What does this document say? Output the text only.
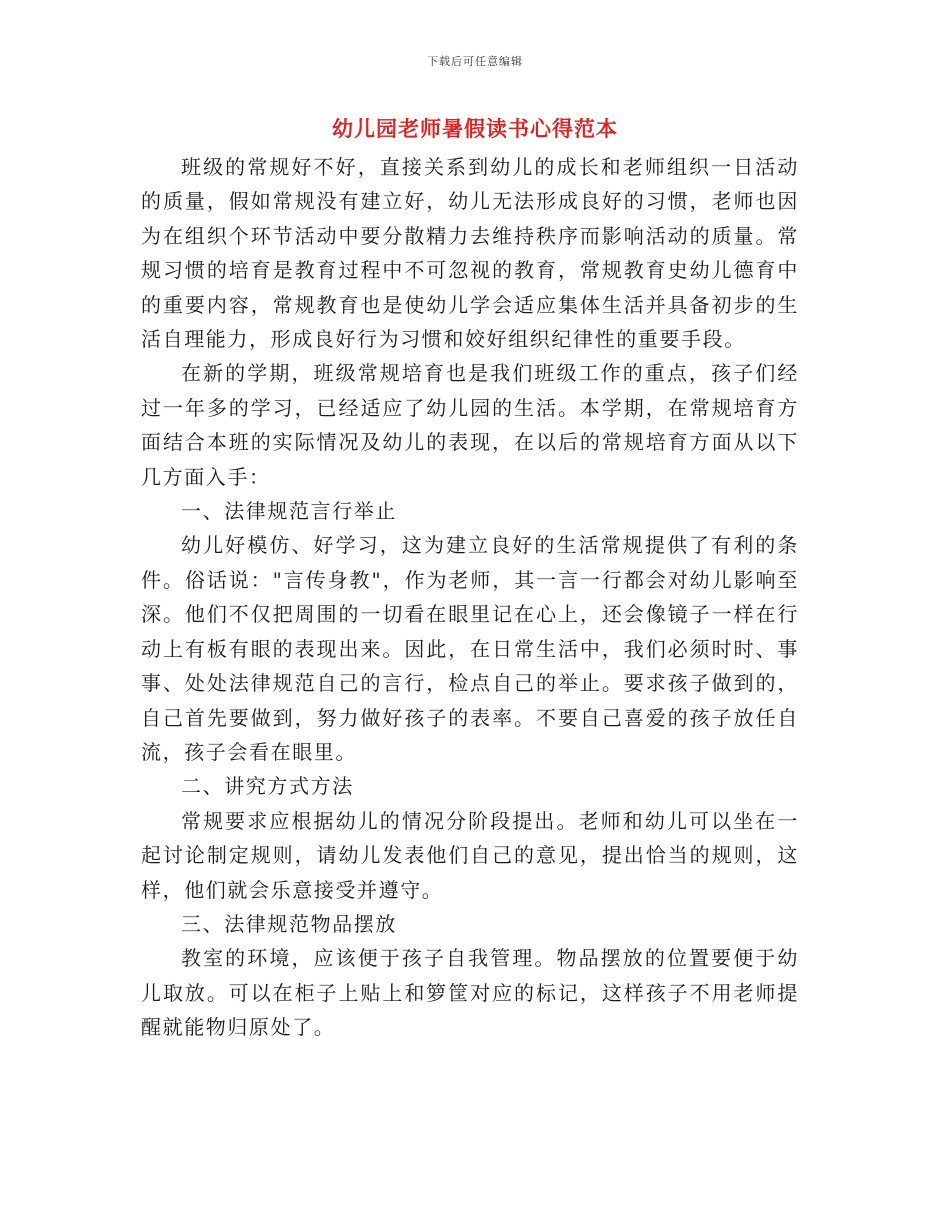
下载后可任意编辑
幼儿园老师暑假读书心得范本

班级的常规好不好，直接关系到幼儿的成长和老师组织一日活动的质量，假如常规没有建立好，幼儿无法形成良好的习惯，老师也因为在组织个环节活动中要分散精力去维持秩序而影响活动的质量。常规习惯的培育是教育过程中不可忽视的教育，常规教育史幼儿德育中的重要内容，常规教育也是使幼儿学会适应集体生活并具备初步的生活自理能力，形成良好行为习惯和姣好组织纪律性的重要手段。

在新的学期，班级常规培育也是我们班级工作的重点，孩子们经过一年多的学习，已经适应了幼儿园的生活。本学期，在常规培育方面结合本班的实际情况及幼儿的表现，在以后的常规培育方面从以下几方面入手：

一、法律规范言行举止

幼儿好模仿、好学习，这为建立良好的生活常规提供了有利的条件。俗话说："言传身教"，作为老师，其一言一行都会对幼儿影响至深。他们不仅把周围的一切看在眼里记在心上，还会像镜子一样在行动上有板有眼的表现出来。因此，在日常生活中，我们必须时时、事事、处处法律规范自己的言行，检点自己的举止。要求孩子做到的，自己首先要做到，努力做好孩子的表率。不要自己喜爱的孩子放任自流，孩子会看在眼里。

二、讲究方式方法

常规要求应根据幼儿的情况分阶段提出。老师和幼儿可以坐在一起讨论制定规则，请幼儿发表他们自己的意见，提出恰当的规则，这样，他们就会乐意接受并遵守。

三、法律规范物品摆放

教室的环境，应该便于孩子自我管理。物品摆放的位置要便于幼儿取放。可以在柜子上贴上和箩筐对应的标记，这样孩子不用老师提醒就能物归原处了。
